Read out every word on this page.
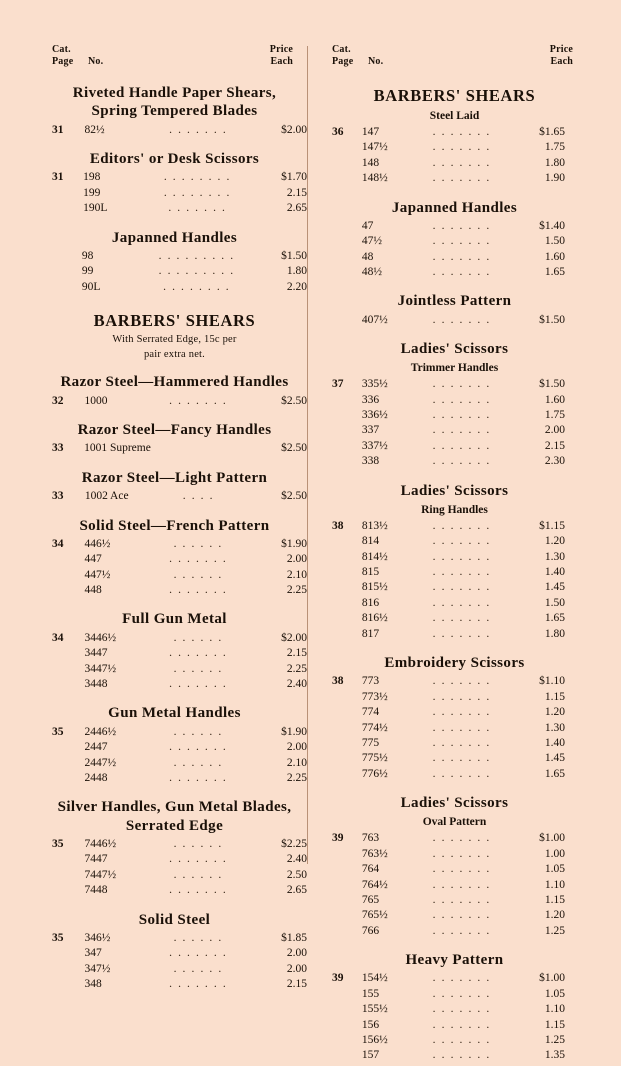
Cat.
Page	No.
Price
Each
Riveted Handle Paper Shears,
Spring Tempered Blades
31	82½	. . . . . . .	$2.00
Editors' or Desk Scissors
31	198	. . . . . . . .	$1.70
	199	. . . . . . . .	2.15
	190L	. . . . . . .	2.65
Japanned Handles
	98	. . . . . . . . .	$1.50
	99	. . . . . . . . .	1.80
	90L	. . . . . . . .	2.20
BARBERS' SHEARS

With Serrated Edge, 15c per

pair extra net.

Razor Steel—Hammered Handles
32	1000	. . . . . . .	$2.50
Razor Steel—Fancy Handles
33	1001 Supreme		$2.50
Razor Steel—Light Pattern
33	1002 Ace	. . . .	$2.50
Solid Steel—French Pattern
34	446½	. . . . . .	$1.90
	447	. . . . . . .	2.00
	447½	. . . . . .	2.10
	448	. . . . . . .	2.25
Full Gun Metal
34	3446½	. . . . . .	$2.00
	3447	. . . . . . .	2.15
	3447½	. . . . . .	2.25
	3448	. . . . . . .	2.40
Gun Metal Handles
35	2446½	. . . . . .	$1.90
	2447	. . . . . . .	2.00
	2447½	. . . . . .	2.10
	2448	. . . . . . .	2.25
Silver Handles, Gun Metal Blades,
Serrated Edge
35	7446½	. . . . . .	$2.25
	7447	. . . . . . .	2.40
	7447½	. . . . . .	2.50
	7448	. . . . . . .	2.65
Solid Steel
35	346½	. . . . . .	$1.85
	347	. . . . . . .	2.00
	347½	. . . . . .	2.00
	348	. . . . . . .	2.15
Cat.
Page	No.
Price
Each
BARBERS' SHEARS
Steel Laid
36	147	. . . . . . .	$1.65
	147½	. . . . . . .	1.75
	148	. . . . . . .	1.80
	148½	. . . . . . .	1.90
Japanned Handles
	47	. . . . . . .	$1.40
	47½	. . . . . . .	1.50
	48	. . . . . . .	1.60
	48½	. . . . . . .	1.65
Jointless Pattern
	407½	. . . . . . .	$1.50
Ladies' Scissors
Trimmer Handles
37	335½	. . . . . . .	$1.50
	336	. . . . . . .	1.60
	336½	. . . . . . .	1.75
	337	. . . . . . .	2.00
	337½	. . . . . . .	2.15
	338	. . . . . . .	2.30
Ladies' Scissors
Ring Handles
38	813½	. . . . . . .	$1.15
	814	. . . . . . .	1.20
	814½	. . . . . . .	1.30
	815	. . . . . . .	1.40
	815½	. . . . . . .	1.45
	816	. . . . . . .	1.50
	816½	. . . . . . .	1.65
	817	. . . . . . .	1.80
Embroidery Scissors
38	773	. . . . . . .	$1.10
	773½	. . . . . . .	1.15
	774	. . . . . . .	1.20
	774½	. . . . . . .	1.30
	775	. . . . . . .	1.40
	775½	. . . . . . .	1.45
	776½	. . . . . . .	1.65
Ladies' Scissors
Oval Pattern
39	763	. . . . . . .	$1.00
	763½	. . . . . . .	1.00
	764	. . . . . . .	1.05
	764½	. . . . . . .	1.10
	765	. . . . . . .	1.15
	765½	. . . . . . .	1.20
	766	. . . . . . .	1.25
Heavy Pattern
39	154½	. . . . . . .	$1.00
	155	. . . . . . .	1.05
	155½	. . . . . . .	1.10
	156	. . . . . . .	1.15
	156½	. . . . . . .	1.25
	157	. . . . . . .	1.35
